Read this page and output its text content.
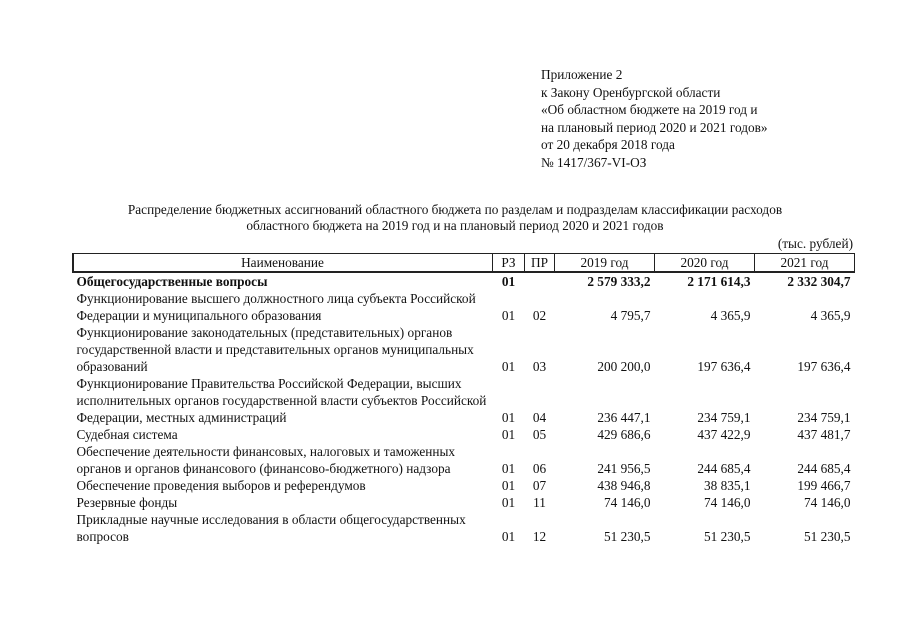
Приложение 2
к Закону Оренбургской области
«Об областном бюджете на 2019 год и
на плановый период 2020 и 2021 годов»
от 20 декабря 2018 года
№ 1417/367-VI-ОЗ
Распределение бюджетных ассигнований областного бюджета по разделам и подразделам классификации расходов
областного бюджета на 2019 год и на плановый период 2020 и 2021 годов
(тыс. рублей)
Наименование	РЗ	ПР	2019 год	2020 год	2021 год
Общегосударственные вопросы	01		2 579 333,2	2 171 614,3	2 332 304,7
Функционирование высшего должностного лица субъекта Российской Федерации и муниципального образования	01	02	4 795,7	4 365,9	4 365,9
Функционирование законодательных (представительных) органов государственной власти и представительных органов муниципальных образований	01	03	200 200,0	197 636,4	197 636,4
Функционирование Правительства Российской Федерации, высших исполнительных органов государственной власти субъектов Российской Федерации, местных администраций	01	04	236 447,1	234 759,1	234 759,1
Судебная система	01	05	429 686,6	437 422,9	437 481,7
Обеспечение деятельности финансовых, налоговых и таможенных органов и органов финансового (финансово-бюджетного) надзора	01	06	241 956,5	244 685,4	244 685,4
Обеспечение проведения выборов и референдумов	01	07	438 946,8	38 835,1	199 466,7
Резервные фонды	01	11	74 146,0	74 146,0	74 146,0
Прикладные научные исследования в области общегосударственных вопросов	01	12	51 230,5	51 230,5	51 230,5
